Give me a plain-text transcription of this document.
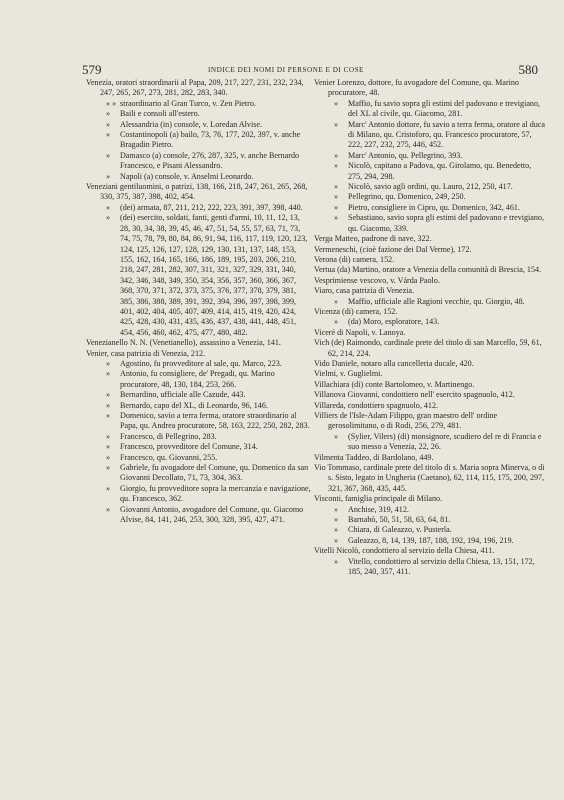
579	INDICE DEI NOMI DI PERSONE E DI COSE	580

Venezia, oratori straordinarii al Papa, 209, 217, 227, 231, 232, 234, 247, 265, 267, 273, 281, 282, 283, 340.

» » straordinario al Gran Turco, v. Zen Pietro.

» Baili e consoli all'estero.

» Alessandria (in) console, v. Loredan Alvise.

» Costantinopoli (a) bailo, 73, 76, 177, 202, 397, v. anche Bragadin Pietro.

» Damasco (a) console, 276, 287, 325, v. anche Bernardo Francesco, e Pisani Alessandro.

» Napoli (a) console, v. Anselmi Leonardo.

Veneziani gentiluomini, o patrizi, 138, 166, 218, 247, 261, 265, 268, 330, 375, 387, 398, 402, 454.

» (dei) armata, 87, 211, 212, 222, 223, 391, 397, 398, 440.

» (dei) esercito, soldati, fanti, genti d'armi, 10, 11, 12, 13, 28, 30, 34, 38, 39, 45, 46, 47, 51, 54, 55, 57, 63, 71, 73, 74, 75, 78, 79, 80, 84, 86, 91, 94, 116, 117, 119, 120, 123, 124, 125, 126, 127, 128, 129, 130, 131, 137, 148, 153, 155, 162, 164, 165, 166, 186, 189, 195, 203, 206, 210, 218, 247, 281, 282, 307, 311, 321, 327, 329, 331, 340, 342, 346, 348, 349, 350, 354, 356, 357, 360, 366, 367, 368, 370, 371, 372, 373, 375, 376, 377, 378, 379, 381, 385, 386, 388, 389, 391, 392, 394, 396, 397, 398, 399, 401, 402, 404, 405, 407, 409, 414, 415, 419, 420, 424, 425, 428, 430, 431, 435, 436, 437, 438, 441, 448, 451, 454, 456, 460, 462, 475, 477, 480, 482.

Venezianello N. N. (Venetianello), assassino a Venezia, 141.

Venier, casa patrizia di Venezia, 212.

» Agostino, fu provveditore al sale, qu. Marco, 223.

» Antonio, fu consigliere, de' Pregadi, qu. Marino procuratore, 48, 130, 184, 253, 266.

» Bernardino, ufficiale alle Cazude, 443.

» Bernardo, capo del XL, di Leonardo, 96, 146.

» Domenico, savio a terra ferma, oratore straordinario al Papa, qu. Andrea procuratore, 58, 163, 222, 250, 282, 283.

» Francesco, di Pellegrino, 283.

» Francesco, provveditore del Comune, 314.

» Francesco, qu. Giovanni, 255.

» Gabriele, fu avogadore del Comune, qu. Domenico da san Giovanni Decollato, 71, 73, 304, 363.

» Giorgio, fu provveditore sopra la mercanzia e navigazione, qu. Francesco, 362.

» Giovanni Antonio, avogadore del Comune, qu. Giacomo Alvise, 84, 141, 246, 253, 300, 328, 395, 427, 471.

Venier Lorenzo, dottore, fu avogadore del Comune, qu. Marino procuratore, 48.

» Maffio, fu savio sopra gli estimi del padovano e trevigiano, del XL al civile, qu. Giacomo, 281.

» Marc' Antonio dottore, fu savio a terra ferma, oratore al duca di Milano, qu. Cristoforo, qu. Francesco procuratore, 57, 222, 227, 232, 275, 446, 452.

» Marc' Antonio, qu. Pellegrino, 393.

» Nicolò, capitano a Padova, qu. Girolamo, qu. Benedetto, 275, 294, 298.

» Nicolò, savio agli ordini, qu. Lauro, 212, 250, 417.

» Pellegrino, qu. Domenico, 249, 250.

» Pietro, consigliere in Cipro, qu. Domenico, 342, 461.

» Sebastiano, savio sopra gli estimi del padovano e trevigiano, qu. Giacomo, 339.

Verga Matteo, padrone di nave, 322.

Vermeneschi, (cioè fazione dei Dal Verme), 172.

Verona (di) camera, 152.

Vertua (da) Martino, oratore a Venezia della comunità di Brescia, 154.

Vesprimiense vescovo, v. Várda Paolo.

Viaro, casa patrizia di Venezia.

» Maffio, ufficiale alle Ragioni vecchie, qu. Giorgio, 48.

Vicenza (di) camera, 152.

» (da) Moro, esploratore, 143.

Viceré di Napoli, v. Lanoya.

Vich (de) Raimondo, cardinale prete del titolo di san Marcello, 59, 61, 62, 214, 224.

Vido Daniele, notaro alla cancelleria ducale, 420.

Vielmi, v. Guglielmi.

Villachiara (di) conte Bartolomeo, v. Martinengo.

Villanova Giovanni, condottiero nell' esercito spagnuolo, 412.

Villareda, condottiero spagnuolo, 412.

Villiers de l'Isle-Adam Filippo, gran maestro dell' ordine gerosolimitano, o di Rodi, 256, 279, 481.

» (Sylier, Vilers) (di) monsignore, scudiero del re di Francia e suo messo a Venezia, 22, 26.

Vilmenta Taddeo, di Bardolano, 449.

Vio Tommaso, cardinale prete del titolo di s. Maria sopra Minerva, o di s. Sisto, legato in Ungheria (Caetano), 62, 114, 115, 175, 200, 297, 321, 367, 368, 435, 445.

Visconti, famiglia principale di Milano.

» Anchise, 319, 412.

» Barnabò, 50, 51, 58, 63, 64, 81.

» Chiara, di Galeazzo, v. Pusterla.

» Galeazzo, 8, 14, 139, 187, 188, 192, 194, 196, 219.

Vitelli Nicolò, condottiero al servizio della Chiesa, 411.

» Vitello, condottiero al servizio della Chiesa, 13, 151, 172, 185, 240, 357, 411.
